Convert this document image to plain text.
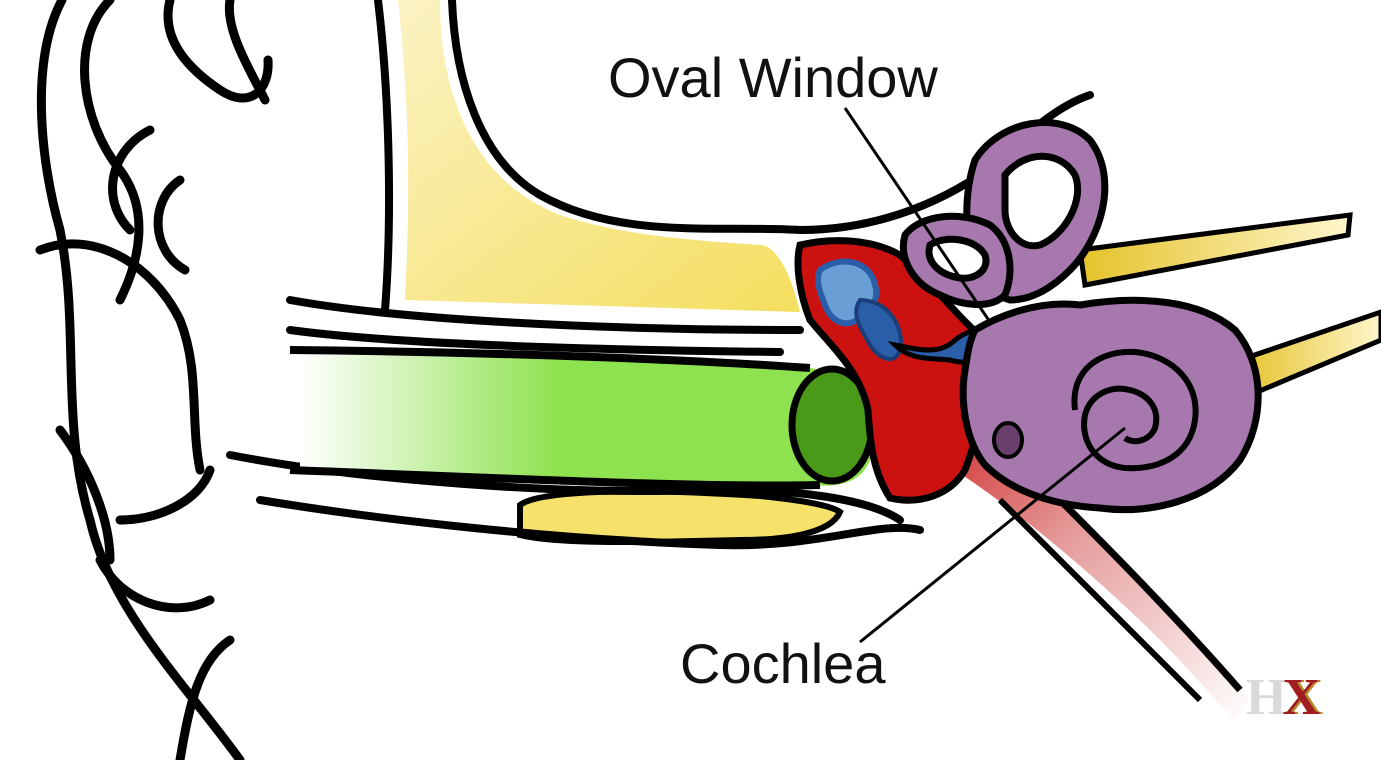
Oval Window
Cochlea
HX
